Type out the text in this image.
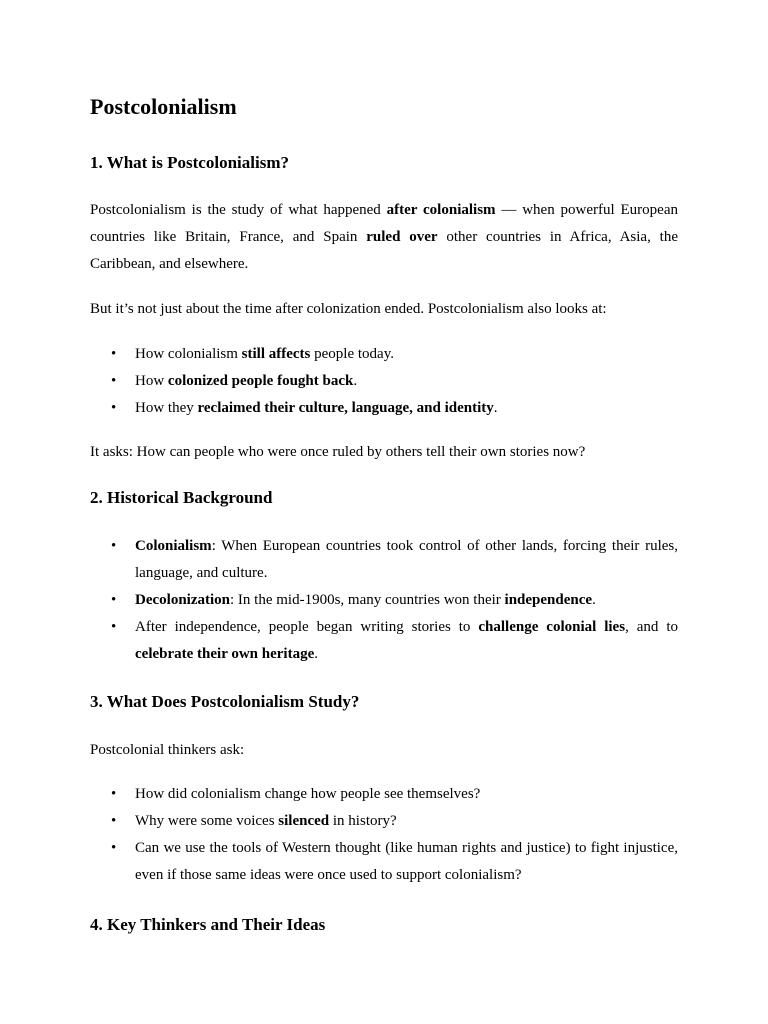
Postcolonialism
1. What is Postcolonialism?

Postcolonialism is the study of what happened after colonialism — when powerful European countries like Britain, France, and Spain ruled over other countries in Africa, Asia, the Caribbean, and elsewhere.

But it’s not just about the time after colonization ended. Postcolonialism also looks at:

• How colonialism still affects people today.
• How colonized people fought back.
• How they reclaimed their culture, language, and identity.

It asks: How can people who were once ruled by others tell their own stories now?

2. Historical Background
• Colonialism: When European countries took control of other lands, forcing their rules, language, and culture.
• Decolonization: In the mid-1900s, many countries won their independence.
• After independence, people began writing stories to challenge colonial lies, and to celebrate their own heritage.
3. What Does Postcolonialism Study?

Postcolonial thinkers ask:

• How did colonialism change how people see themselves?
• Why were some voices silenced in history?
• Can we use the tools of Western thought (like human rights and justice) to fight injustice, even if those same ideas were once used to support colonialism?
4. Key Thinkers and Their Ideas
